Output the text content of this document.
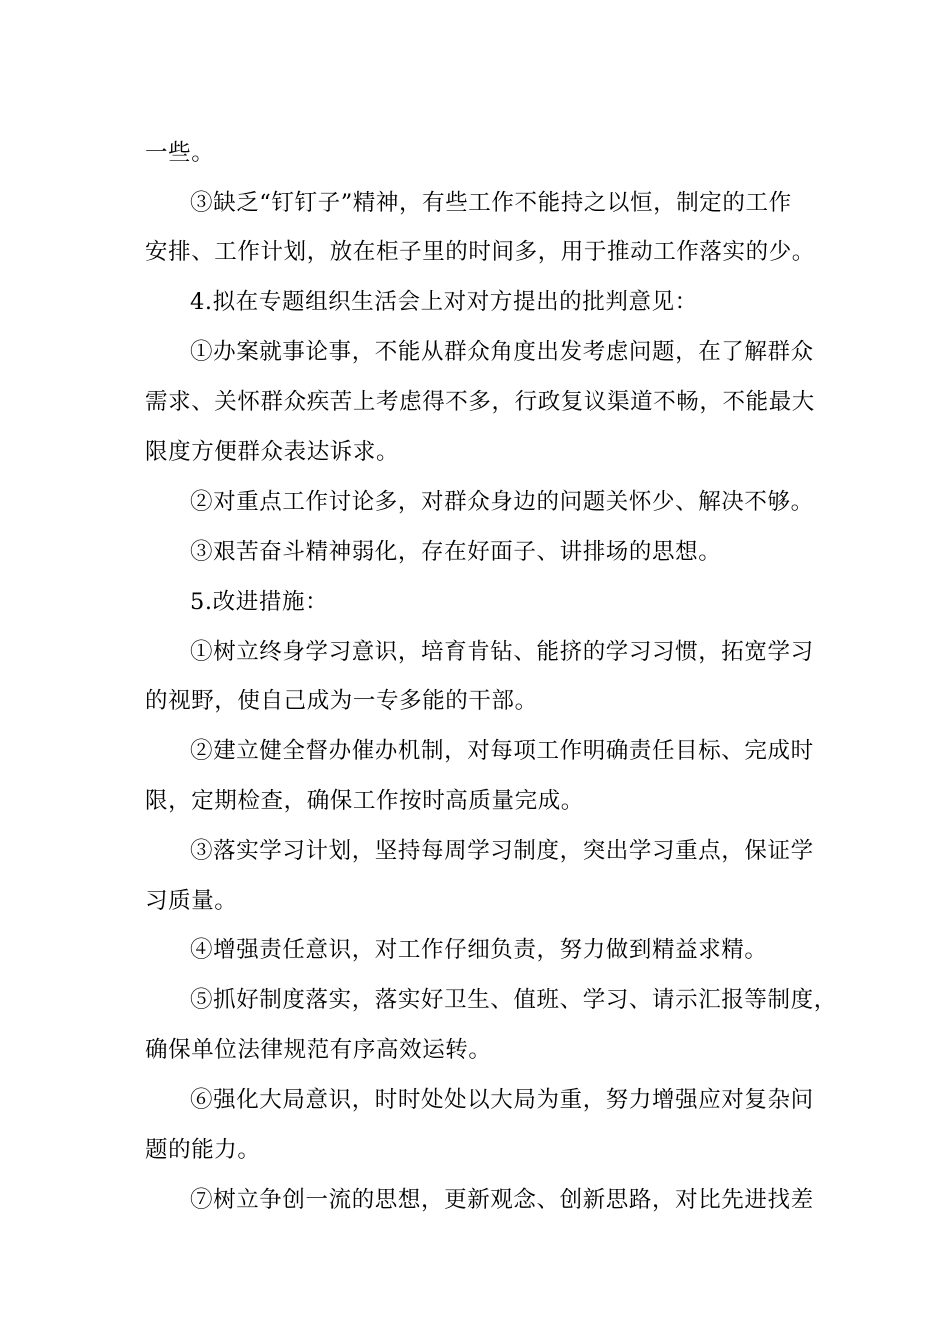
一些。
③缺乏“钉钉子”精神，有些工作不能持之以恒，制定的工作
安排、工作计划，放在柜子里的时间多，用于推动工作落实的少。
4.拟在专题组织生活会上对对方提出的批判意见：
①办案就事论事，不能从群众角度出发考虑问题，在了解群众
需求、关怀群众疾苦上考虑得不多，行政复议渠道不畅，不能最大
限度方便群众表达诉求。
②对重点工作讨论多，对群众身边的问题关怀少、解决不够。
③艰苦奋斗精神弱化，存在好面子、讲排场的思想。
5.改进措施：
①树立终身学习意识，培育肯钻、能挤的学习习惯，拓宽学习
的视野，使自己成为一专多能的干部。
②建立健全督办催办机制，对每项工作明确责任目标、完成时
限，定期检查，确保工作按时高质量完成。
③落实学习计划，坚持每周学习制度，突出学习重点，保证学
习质量。
④增强责任意识，对工作仔细负责，努力做到精益求精。
⑤抓好制度落实，落实好卫生、值班、学习、请示汇报等制度，
确保单位法律规范有序高效运转。
⑥强化大局意识，时时处处以大局为重，努力增强应对复杂问
题的能力。
⑦树立争创一流的思想，更新观念、创新思路，对比先进找差
